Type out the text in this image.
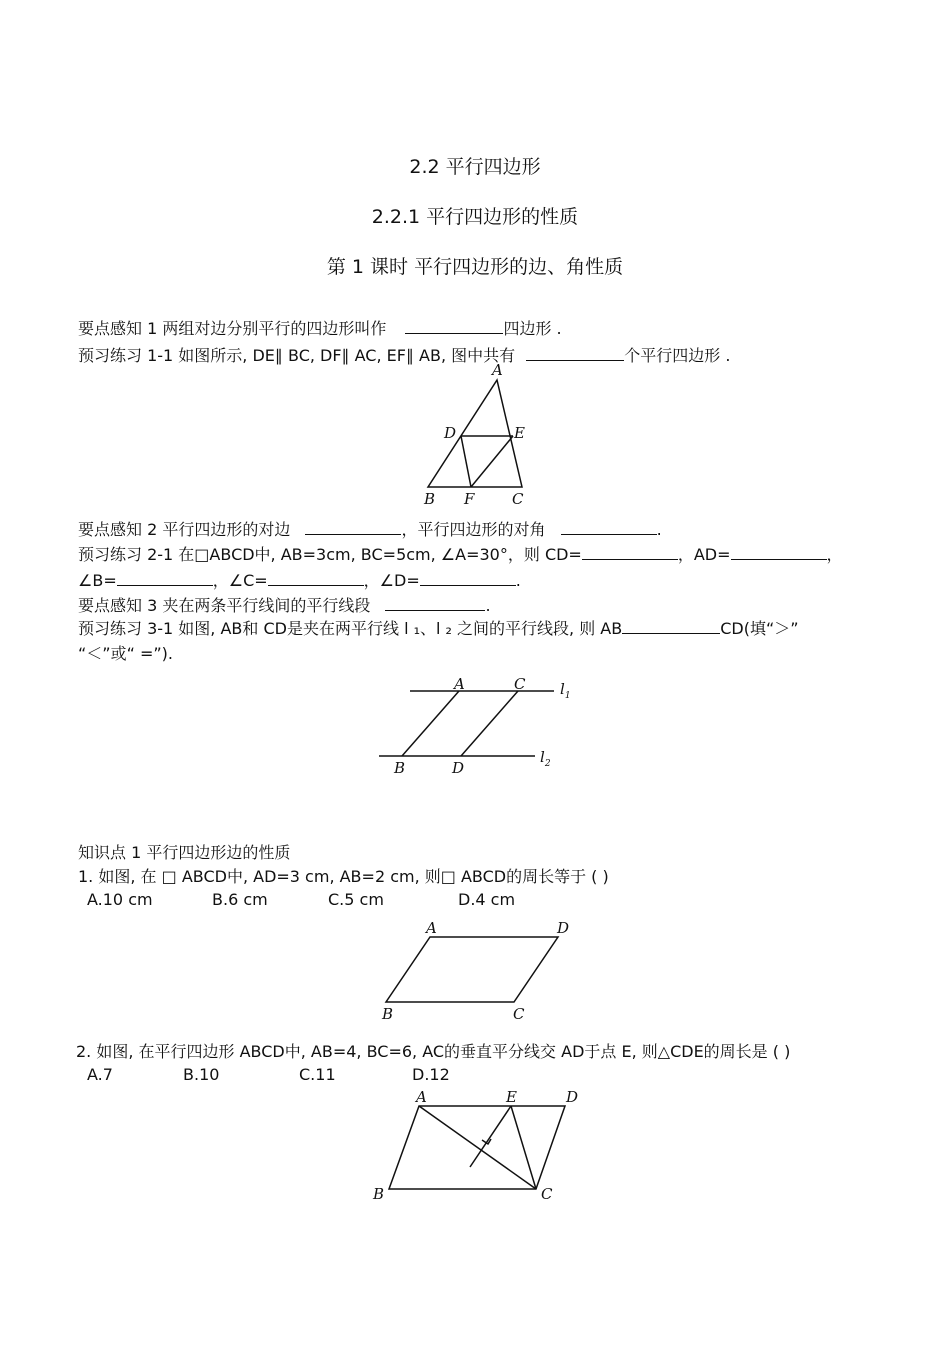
2.2 平行四边形
2.2.1 平行四边形的性质
第 1 课时 平行四边形的边、角性质
要点感知 1 两组对边分别平行的四边形叫作	四边形 .
预习练习 1-1 如图所示, DE∥ BC, DF∥ AC, EF∥ AB, 图中共有	个平行四边形 .
A
D	E
B F	C
要点感知 2 平行四边形的对边	，平行四边形的对角	.
预习练习 2-1 在□ABCD中, AB=3cm, BC=5cm, ∠A=30°，则 CD=	，AD=	，
∠B=	，∠C=	，∠D=	.
要点感知 3 夹在两条平行线间的平行线段	.
预习练习 3-1 如图, AB和 CD是夹在两平行线 l ₁、l ₂ 之间的平行线段, 则 AB	CD(填“＞”
“＜”或“ =”).
A	C
B	D
$l_1$
$l_2$
知识点 1 平行四边形边的性质
1. 如图, 在 □ ABCD中, AD=3 cm, AB=2 cm, 则□ ABCD的周长等于 ( )
A.10 cm	B.6 cm	C.5 cm	D.4 cm
A	D
B	C
2. 如图, 在平行四边形 ABCD中, AB=4, BC=6, AC的垂直平分线交 AD于点 E, 则△CDE的周长是 ( )
A.7	B.10	C.11	D.12
A	E	D
B	C
